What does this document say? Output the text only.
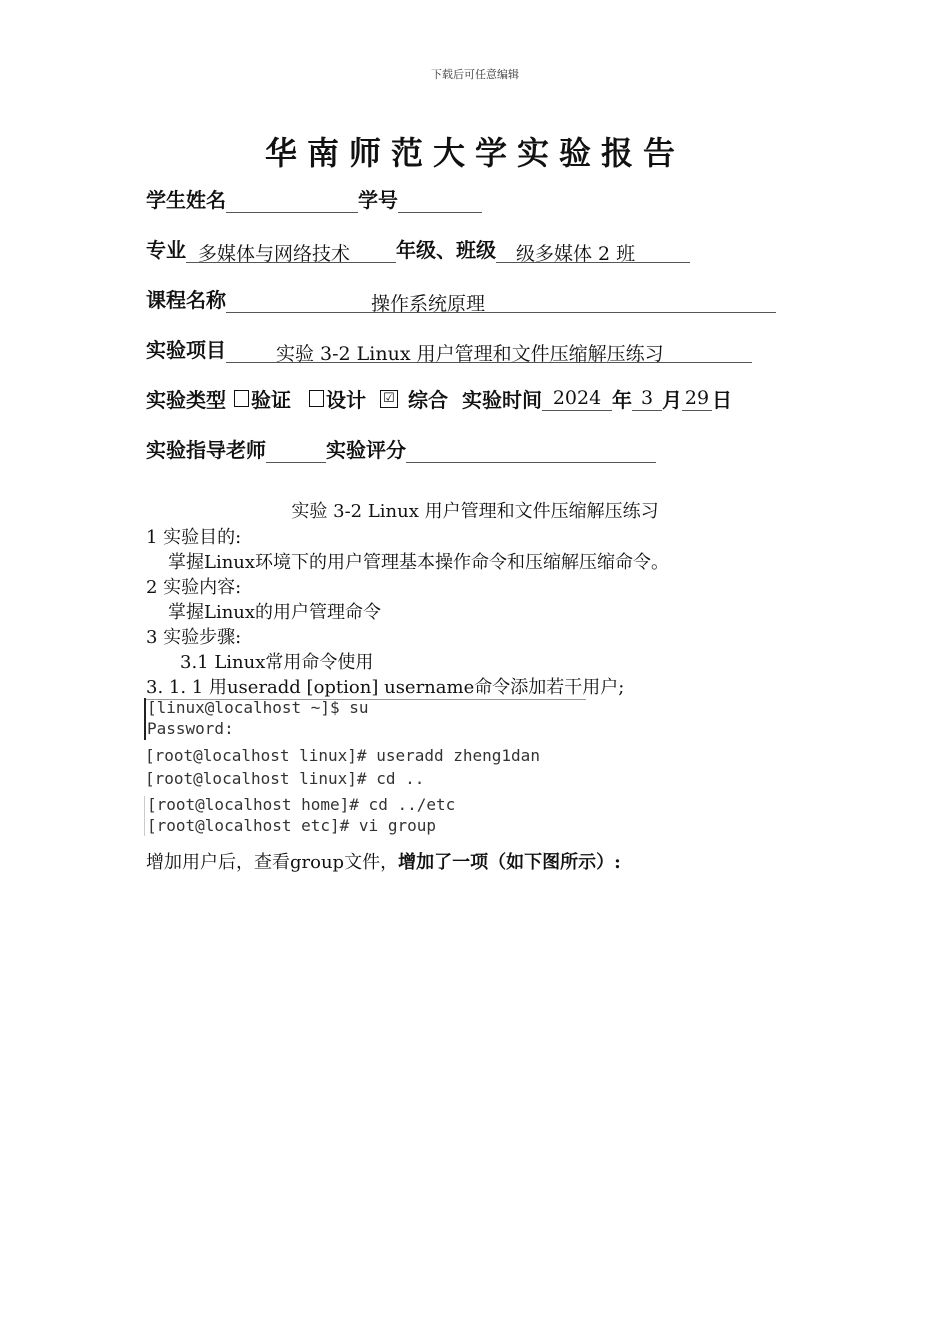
下载后可任意编辑
华南师范大学实验报告
学生姓名	学号
专业 多媒体与网络技术	年级、班级	级多媒体 2 班
课程名称	操作系统原理
实验项目	实验 3-2 Linux 用户管理和文件压缩解压练习
实验类型 验证 设计 ☑ 综合 实验时间 2024 年 3 月 29 日
实验指导老师	实验评分
实验 3-2 Linux 用户管理和文件压缩解压练习
1 实验目的:
掌握Linux环境下的用户管理基本操作命令和压缩解压缩命令。
2 实验内容:
掌握Linux的用户管理命令
3 实验步骤:
3.1 Linux常用命令使用
3. 1. 1 用useradd [option] username命令添加若干用户;
[linux@localhost ~]$ su
Password:
[root@localhost linux]# useradd zheng1dan
[root@localhost linux]# cd ..
[root@localhost home]# cd ../etc
[root@localhost etc]# vi group
增加用户后，查看group文件，增加了一项（如下图所示）:
